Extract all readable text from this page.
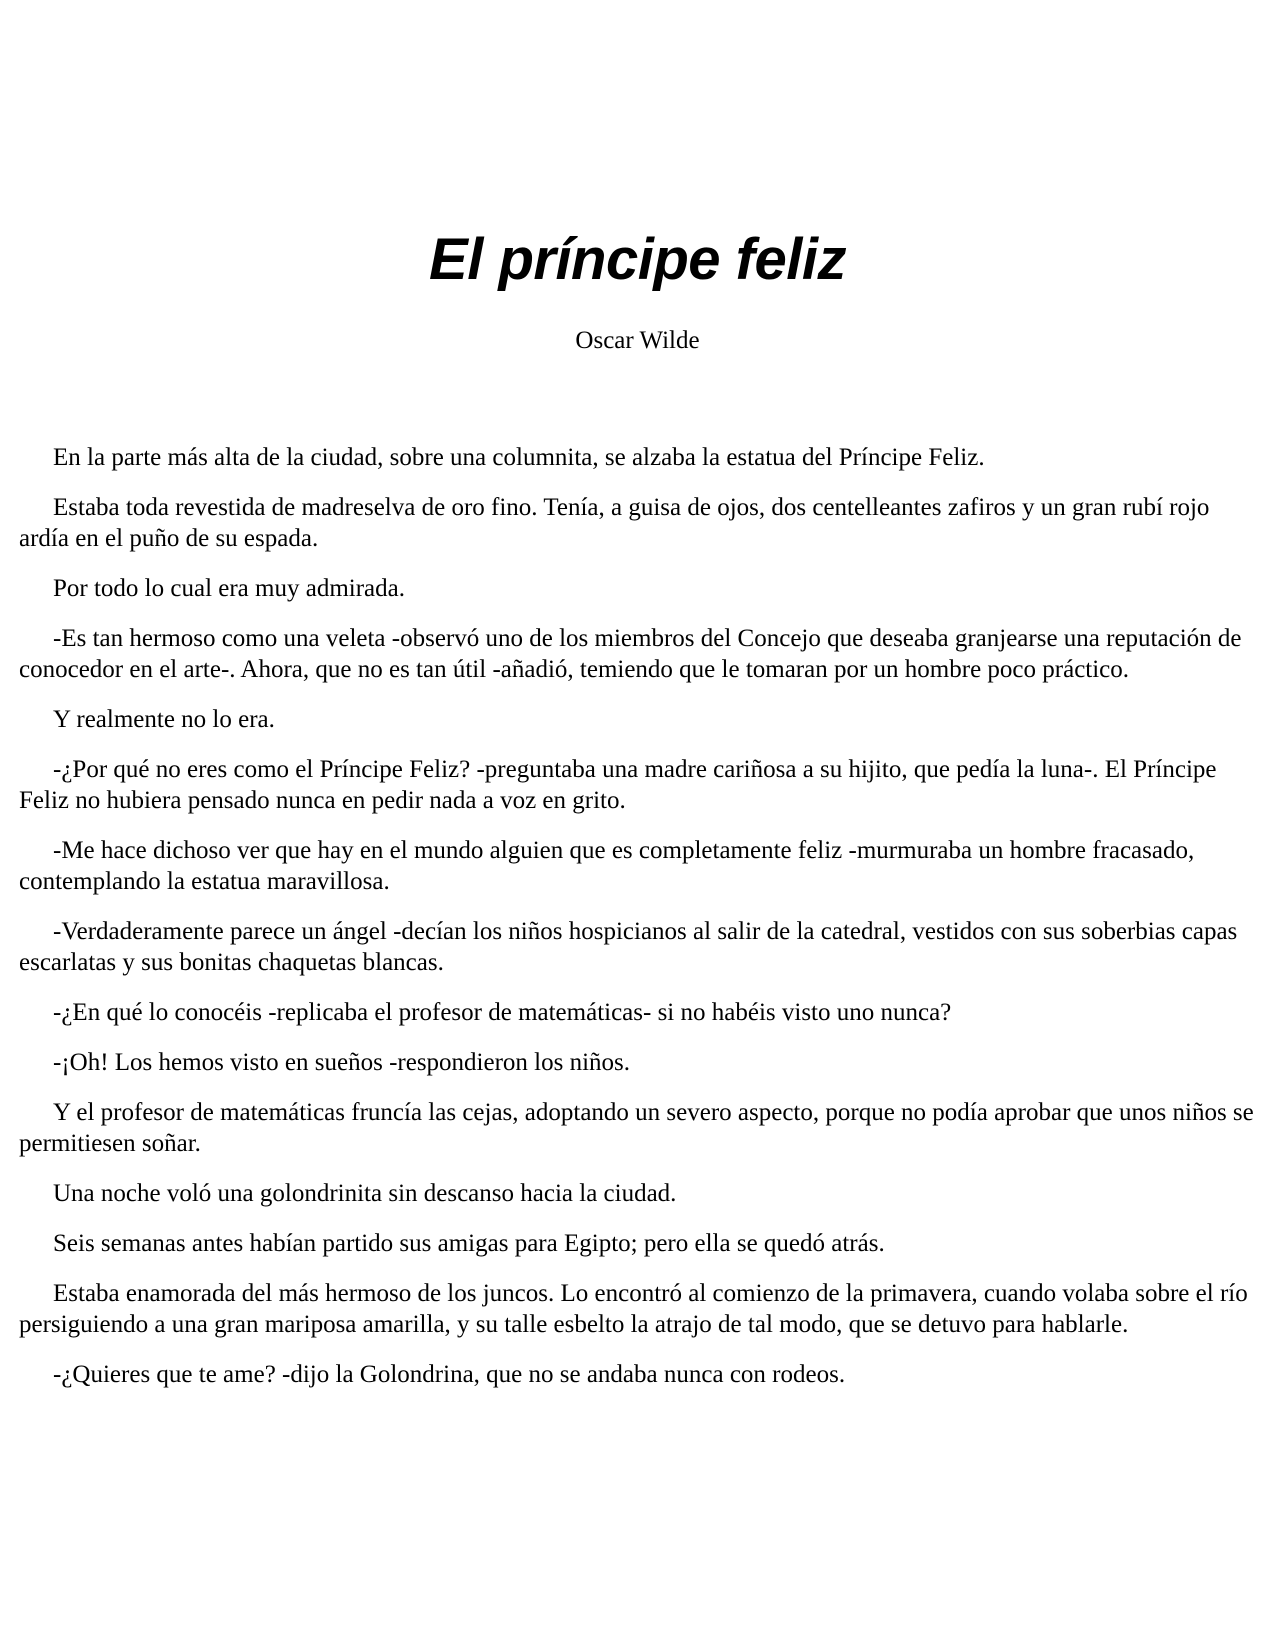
El príncipe feliz
Oscar Wilde

En la parte más alta de la ciudad, sobre una columnita, se alzaba la estatua del Príncipe Feliz.

Estaba toda revestida de madreselva de oro fino. Tenía, a guisa de ojos, dos centelleantes zafiros y un gran rubí rojo ardía en el puño de su espada.

Por todo lo cual era muy admirada.

-Es tan hermoso como una veleta -observó uno de los miembros del Concejo que deseaba granjearse una reputación de conocedor en el arte-. Ahora, que no es tan útil -añadió, temiendo que le tomaran por un hombre poco práctico.

Y realmente no lo era.

-¿Por qué no eres como el Príncipe Feliz? -preguntaba una madre cariñosa a su hijito, que pedía la luna-. El Príncipe Feliz no hubiera pensado nunca en pedir nada a voz en grito.

-Me hace dichoso ver que hay en el mundo alguien que es completamente feliz -murmuraba un hombre fracasado, contemplando la estatua maravillosa.

-Verdaderamente parece un ángel -decían los niños hospicianos al salir de la catedral, vestidos con sus soberbias capas escarlatas y sus bonitas chaquetas blancas.

-¿En qué lo conocéis -replicaba el profesor de matemáticas- si no habéis visto uno nunca?

-¡Oh! Los hemos visto en sueños -respondieron los niños.

Y el profesor de matemáticas fruncía las cejas, adoptando un severo aspecto, porque no podía aprobar que unos niños se permitiesen soñar.

Una noche voló una golondrinita sin descanso hacia la ciudad.

Seis semanas antes habían partido sus amigas para Egipto; pero ella se quedó atrás.

Estaba enamorada del más hermoso de los juncos. Lo encontró al comienzo de la primavera, cuando volaba sobre el río persiguiendo a una gran mariposa amarilla, y su talle esbelto la atrajo de tal modo, que se detuvo para hablarle.

-¿Quieres que te ame? -dijo la Golondrina, que no se andaba nunca con rodeos.
